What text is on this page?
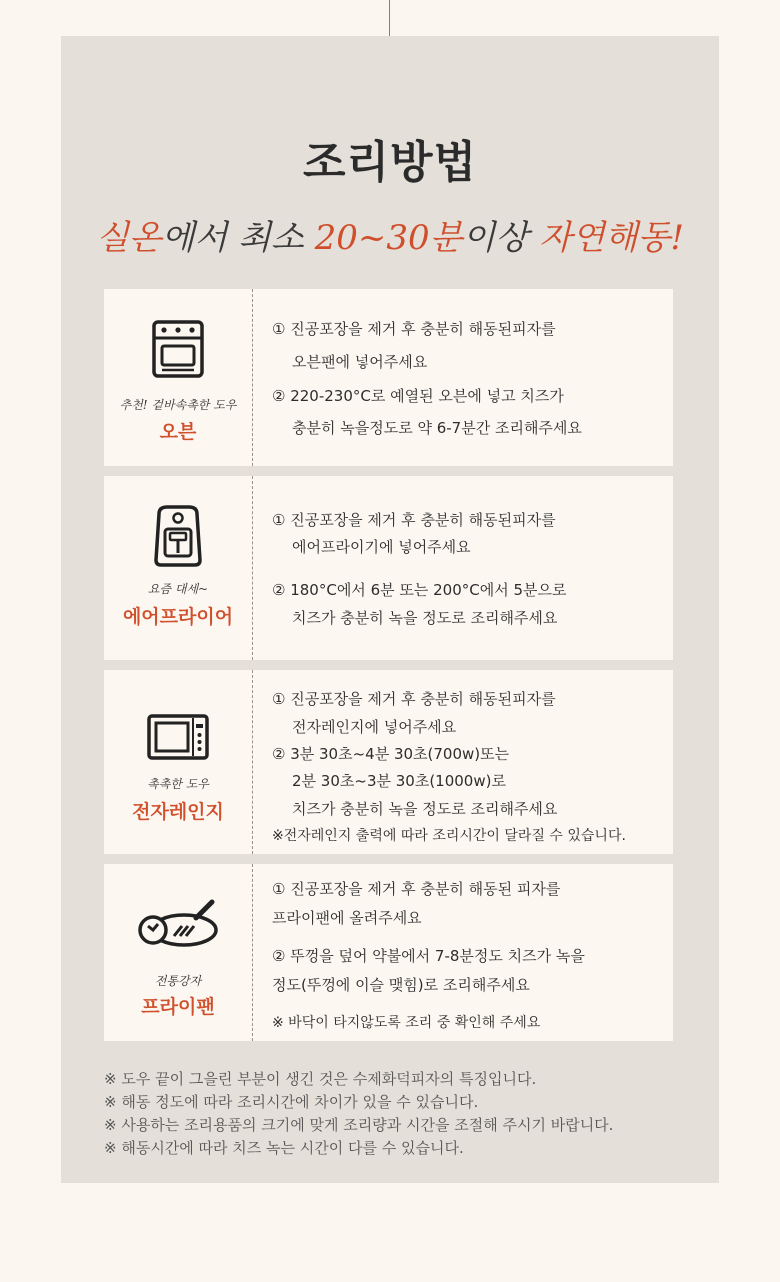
조리방법
실온에서 최소 20~30분이상 자연해동!
추천! 겉바속촉한 도우
오븐
① 진공포장을 제거 후 충분히 해동된피자를
오븐팬에 넣어주세요
② 220-230°C로 예열된 오븐에 넣고 치즈가
충분히 녹을정도로 약 6-7분간 조리해주세요
요즘 대세~
에어프라이어
① 진공포장을 제거 후 충분히 해동된피자를
에어프라이기에 넣어주세요
② 180°C에서 6분 또는 200°C에서 5분으로
치즈가 충분히 녹을 정도로 조리해주세요
촉촉한 도우
전자레인지
① 진공포장을 제거 후 충분히 해동된피자를
전자레인지에 넣어주세요
② 3분 30초~4분 30초(700w)또는
2분 30초~3분 30초(1000w)로
치즈가 충분히 녹을 정도로 조리해주세요
※전자레인지 출력에 따라 조리시간이 달라질 수 있습니다.
전통강자
프라이팬
① 진공포장을 제거 후 충분히 해동된 피자를
프라이팬에 올려주세요
② 뚜껑을 덮어 약불에서 7-8분정도 치즈가 녹을
정도(뚜껑에 이슬 맺힘)로 조리해주세요
※ 바닥이 타지않도록 조리 중 확인해 주세요
※ 도우 끝이 그을린 부분이 생긴 것은 수제화덕피자의 특징입니다.
※ 해동 정도에 따라 조리시간에 차이가 있을 수 있습니다.
※ 사용하는 조리용품의 크기에 맞게 조리량과 시간을 조절해 주시기 바랍니다.
※ 해동시간에 따라 치즈 녹는 시간이 다를 수 있습니다.
